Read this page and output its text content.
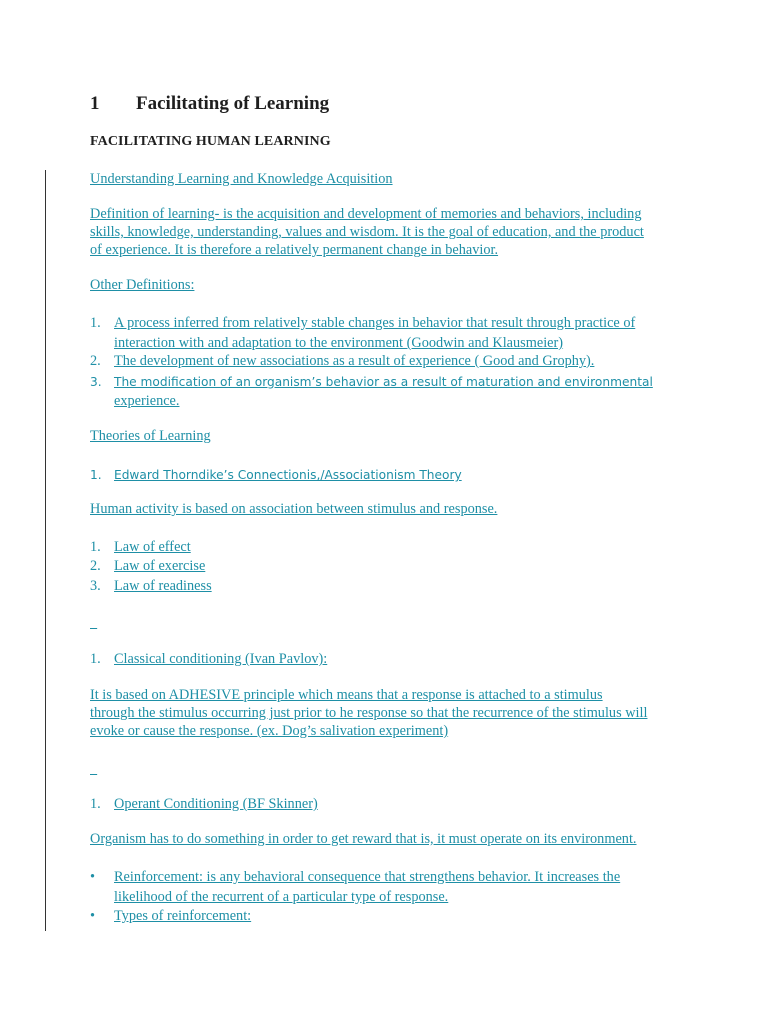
1 Facilitating of Learning
FACILITATING HUMAN LEARNING
Understanding Learning and Knowledge Acquisition
Definition of learning- is the acquisition and development of memories and behaviors, including
skills, knowledge, understanding, values and wisdom. It is the goal of education, and the product
of experience. It is therefore a relatively permanent change in behavior.
Other Definitions:
1. A process inferred from relatively stable changes in behavior that result through practice of
interaction with and adaptation to the environment (Goodwin and Klausmeier)
2. The development of new associations as a result of experience ( Good and Grophy).
3. The modification of an organism’s behavior as a result of maturation and environmental
experience.
Theories of Learning
1. Edward Thorndike’s Connectionis,/Associationism Theory
Human activity is based on association between stimulus and response.
1. Law of effect
2. Law of exercise
3. Law of readiness

1. Classical conditioning (Ivan Pavlov):
It is based on ADHESIVE principle which means that a response is attached to a stimulus
through the stimulus occurring just prior to he response so that the recurrence of the stimulus will
evoke or cause the response. (ex. Dog’s salivation experiment)

1. Operant Conditioning (BF Skinner)
Organism has to do something in order to get reward that is, it must operate on its environment.
• Reinforcement: is any behavioral consequence that strengthens behavior. It increases the
likelihood of the recurrent of a particular type of response.
• Types of reinforcement:
